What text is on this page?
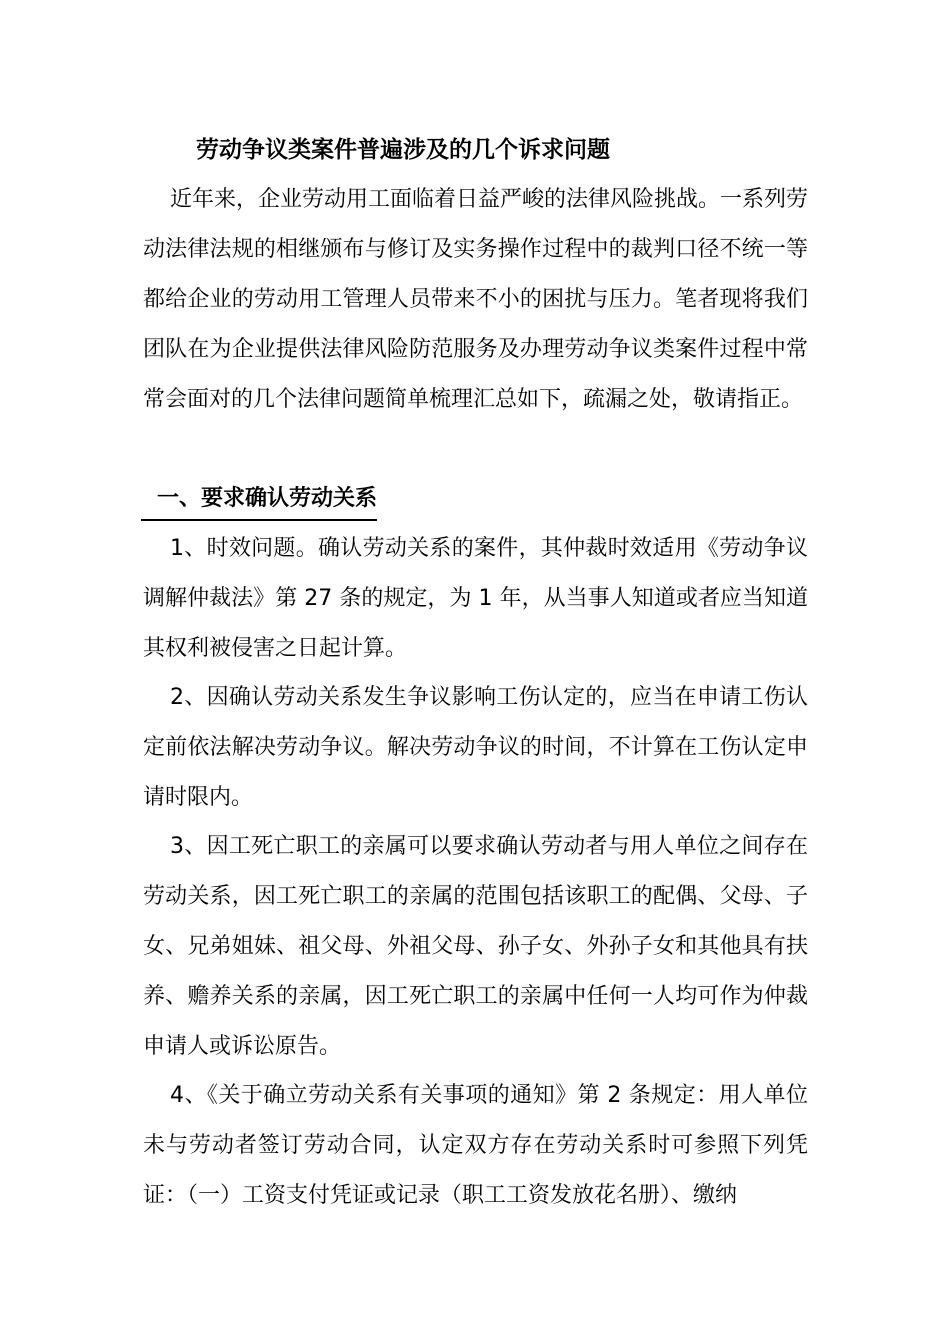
劳动争议类案件普遍涉及的几个诉求问题

近年来，企业劳动用工面临着日益严峻的法律风险挑战。一系列劳动法律法规的相继颁布与修订及实务操作过程中的裁判口径不统一等都给企业的劳动用工管理人员带来不小的困扰与压力。笔者现将我们团队在为企业提供法律风险防范服务及办理劳动争议类案件过程中常常会面对的几个法律问题简单梳理汇总如下，疏漏之处，敬请指正。

一、要求确认劳动关系

1、时效问题。确认劳动关系的案件，其仲裁时效适用《劳动争议调解仲裁法》第 27 条的规定，为 1 年，从当事人知道或者应当知道其权利被侵害之日起计算。

2、因确认劳动关系发生争议影响工伤认定的，应当在申请工伤认定前依法解决劳动争议。解决劳动争议的时间，不计算在工伤认定申请时限内。

3、因工死亡职工的亲属可以要求确认劳动者与用人单位之间存在劳动关系，因工死亡职工的亲属的范围包括该职工的配偶、父母、子女、兄弟姐妹、祖父母、外祖父母、孙子女、外孙子女和其他具有扶养、赡养关系的亲属，因工死亡职工的亲属中任何一人均可作为仲裁申请人或诉讼原告。

4、《关于确立劳动关系有关事项的通知》第 2 条规定：用人单位未与劳动者签订劳动合同，认定双方存在劳动关系时可参照下列凭证：（一）工资支付凭证或记录（职工工资发放花名册）、缴纳
